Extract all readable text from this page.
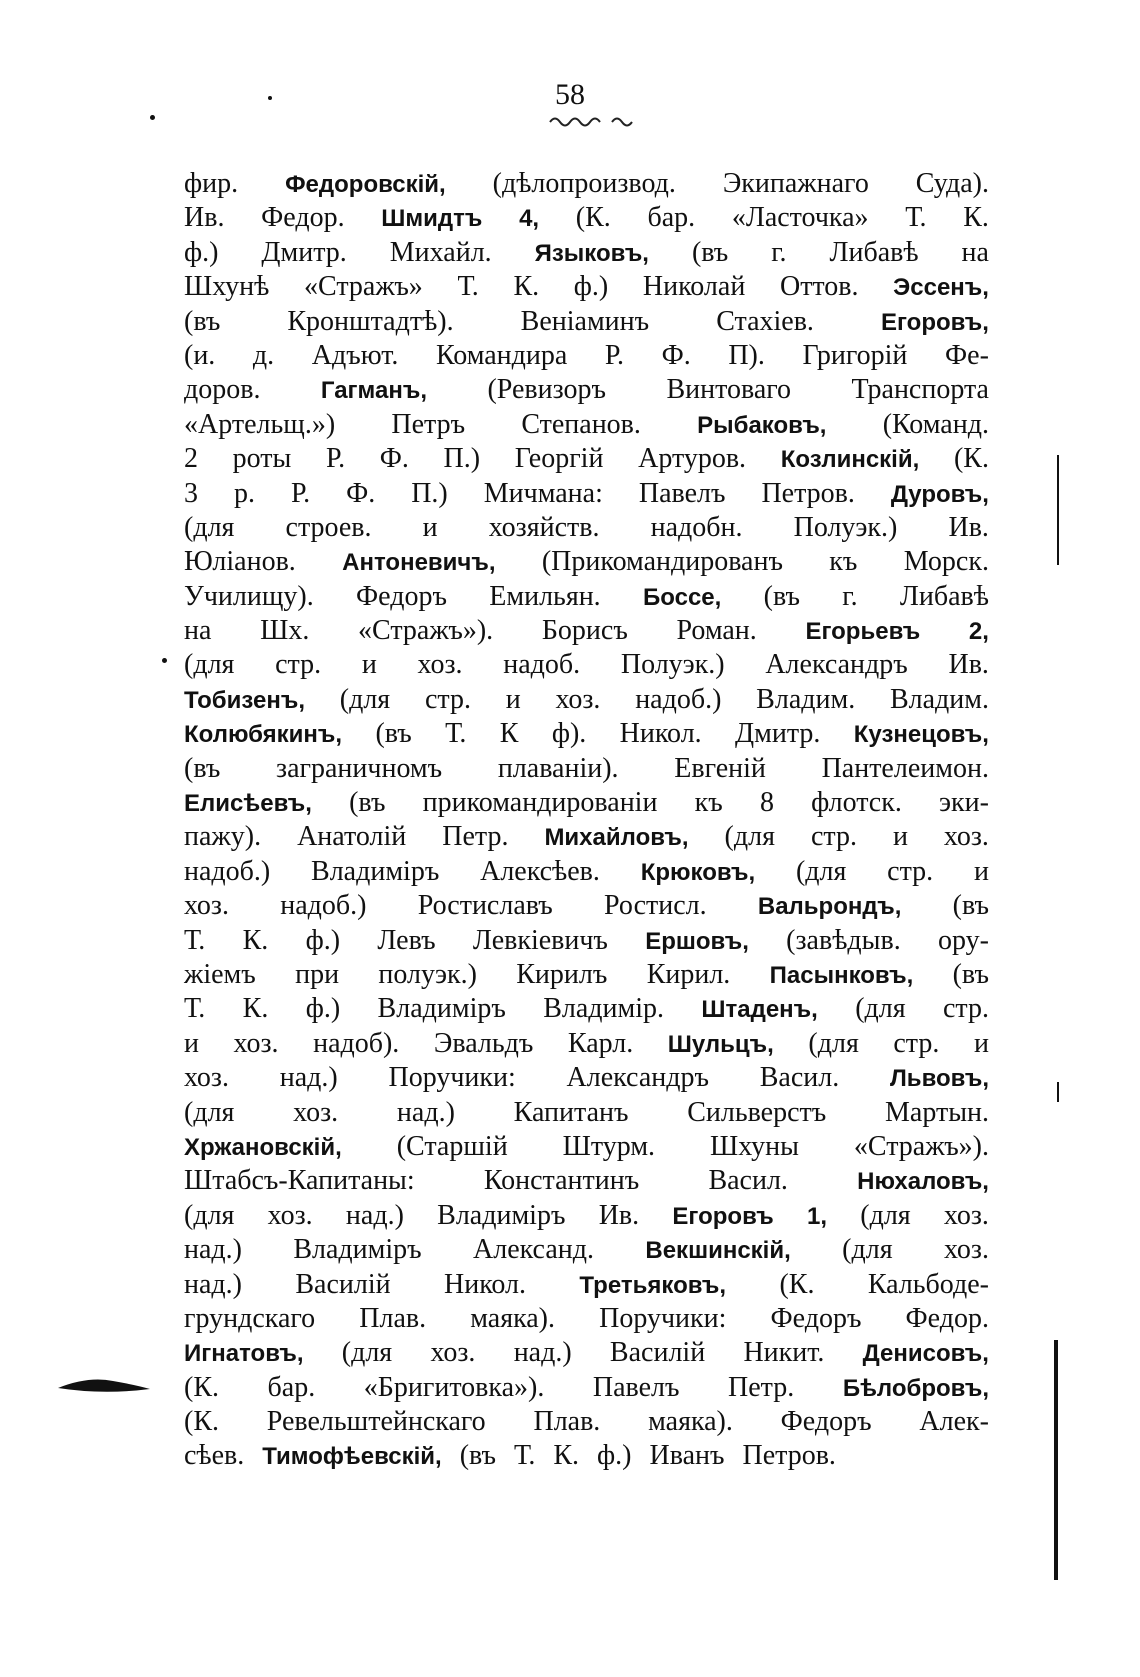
58
фир. Федоровскій, (дѣлопроизвод. Экипажнаго Суда).
Ив. Федор. Шмидтъ 4, (К. бар. «Ласточка» Т. К.
ф.) Дмитр. Михайл. Языковъ, (въ г. Либавѣ на
Шхунѣ «Стражъ» Т. К. ф.) Николай Оттов. Эссенъ,
(въ Кронштадтѣ). Веніаминъ Стахіев.	Егоровъ,
(и. д. Адъют. Командира Р. Ф. П). Григорій Фе-
доров.	Гагманъ, (Ревизоръ Винтоваго Транспорта
«Артельщ.») Петръ Степанов. Рыбаковъ, (Команд.
2 роты Р. Ф. П.) Георгій Артуров. Козлинскій, (К.
3 р. Р. Ф. П.) Мичмана: Павелъ Петров. Дуровъ,
(для строев. и хозяйств. надобн. Полуэк.) Ив.
Юліанов. Антоневичъ, (Прикомандированъ къ Морск.
Училищу). Федоръ Емильян. Боссе, (въ г. Либавѣ
на Шх. «Стражъ»). Борисъ Роман. Егорьевъ 2,
(для стр. и хоз. надоб. Полуэк.) Александръ Ив.
Тобизенъ, (для стр. и хоз. надоб.) Владим. Владим.
Колюбякинъ, (въ Т. К ф). Никол. Дмитр. Кузнецовъ,
(въ заграничномъ плаваніи). Евгеній Пантелеимон.
Елисѣевъ, (въ прикомандированіи къ 8 флотск. эки-
пажу). Анатолій Петр. Михайловъ, (для стр. и хоз.
надоб.) Владиміръ Алексѣев. Крюковъ, (для стр. и
хоз. надоб.) Ростиславъ Ростисл. Вальрондъ, (въ
Т. К. ф.) Левъ Левкіевичъ Ершовъ, (завѣдыв. ору-
жіемъ при полуэк.) Кирилъ Кирил. Пасынковъ, (въ
Т. К. ф.) Владиміръ Владимір. Штаденъ, (для стр.
и хоз. надоб). Эвальдъ Карл. Шульцъ, (для стр. и
хоз. над.) Поручики: Александръ Васил. Львовъ,
(для хоз. над.) Капитанъ Сильверстъ Мартын.
Хржановскій, (Старшій Штурм. Шхуны «Стражъ»).
Штабсъ-Капитаны: Константинъ Васил.	Нюхаловъ,
(для хоз. над.) Владиміръ Ив. Егоровъ 1, (для хоз.
над.) Владиміръ Александ. Векшинскій, (для хоз.
над.) Василій Никол. Третьяковъ, (К. Кальбоде-
грундскаго Плав. маяка). Поручики: Федоръ Федор.
Игнатовъ, (для хоз. над.) Василій Никит. Денисовъ,
(К. бар. «Бригитовка»). Павелъ Петр. Бѣлобровъ,
(К. Ревельштейнскаго Плав. маяка). Федоръ Алек-
сѣев. Тимофѣевскій, (въ Т. К. ф.) Иванъ Петров.
